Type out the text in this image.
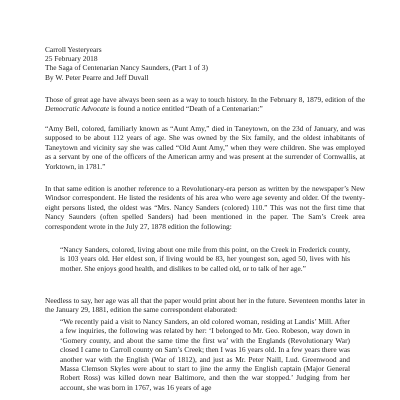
Carroll Yesteryears
25 February 2018
The Saga of Centenarian Nancy Saunders, (Part 1 of 3)
By W. Peter Pearre and Jeff Duvall

Those of great age have always been seen as a way to touch history. In the February 8, 1879, edition of the Democratic Advocate is found a notice entitled “Death of a Centenarian:”

“Amy Bell, colored, familiarly known as “Aunt Amy,” died in Taneytown, on the 23d of January, and was supposed to be about 112 years of age. She was owned by the Six family, and the oldest inhabitants of Taneytown and vicinity say she was called “Old Aunt Amy,” when they were children. She was employed as a servant by one of the officers of the American army and was present at the surrender of Cornwallis, at Yorktown, in 1781.”

In that same edition is another reference to a Revolutionary-era person as written by the newspaper’s New Windsor correspondent. He listed the residents of his area who were age seventy and older. Of the twenty-eight persons listed, the oldest was “Mrs. Nancy Sanders (colored) 110.” This was not the first time that Nancy Saunders (often spelled Sanders) had been mentioned in the paper. The Sam’s Creek area correspondent wrote in the July 27, 1878 edition the following:

“Nancy Sanders, colored, living about one mile from this point, on the Creek in Frederick county, is 103 years old. Her eldest son, if living would be 83, her youngest son, aged 50, lives with his mother. She enjoys good health, and dislikes to be called old, or to talk of her age.”

Needless to say, her age was all that the paper would print about her in the future. Seventeen months later in the January 29, 1881, edition the same correspondent elaborated:

“We recently paid a visit to Nancy Sanders, an old colored woman, residing at Landis’ Mill. After a few inquiries, the following was related by her: ‘I belonged to Mr. Geo. Robeson, way down in ‘Gomery county, and about the same time the first wa’ with the Englands (Revolutionary War) closed I came to Carroll county on Sam’s Creek; then I was 16 years old. In a few years there was another war with the English (War of 1812), and just as Mr. Peter Naill, Lud. Greenwood and Massa Clemson Skyles were about to start to jine the army the English captain (Major General Robert Ross) was killed down near Baltimore, and then the war stopped.’ Judging from her account, she was born in 1767, was 16 years of age
